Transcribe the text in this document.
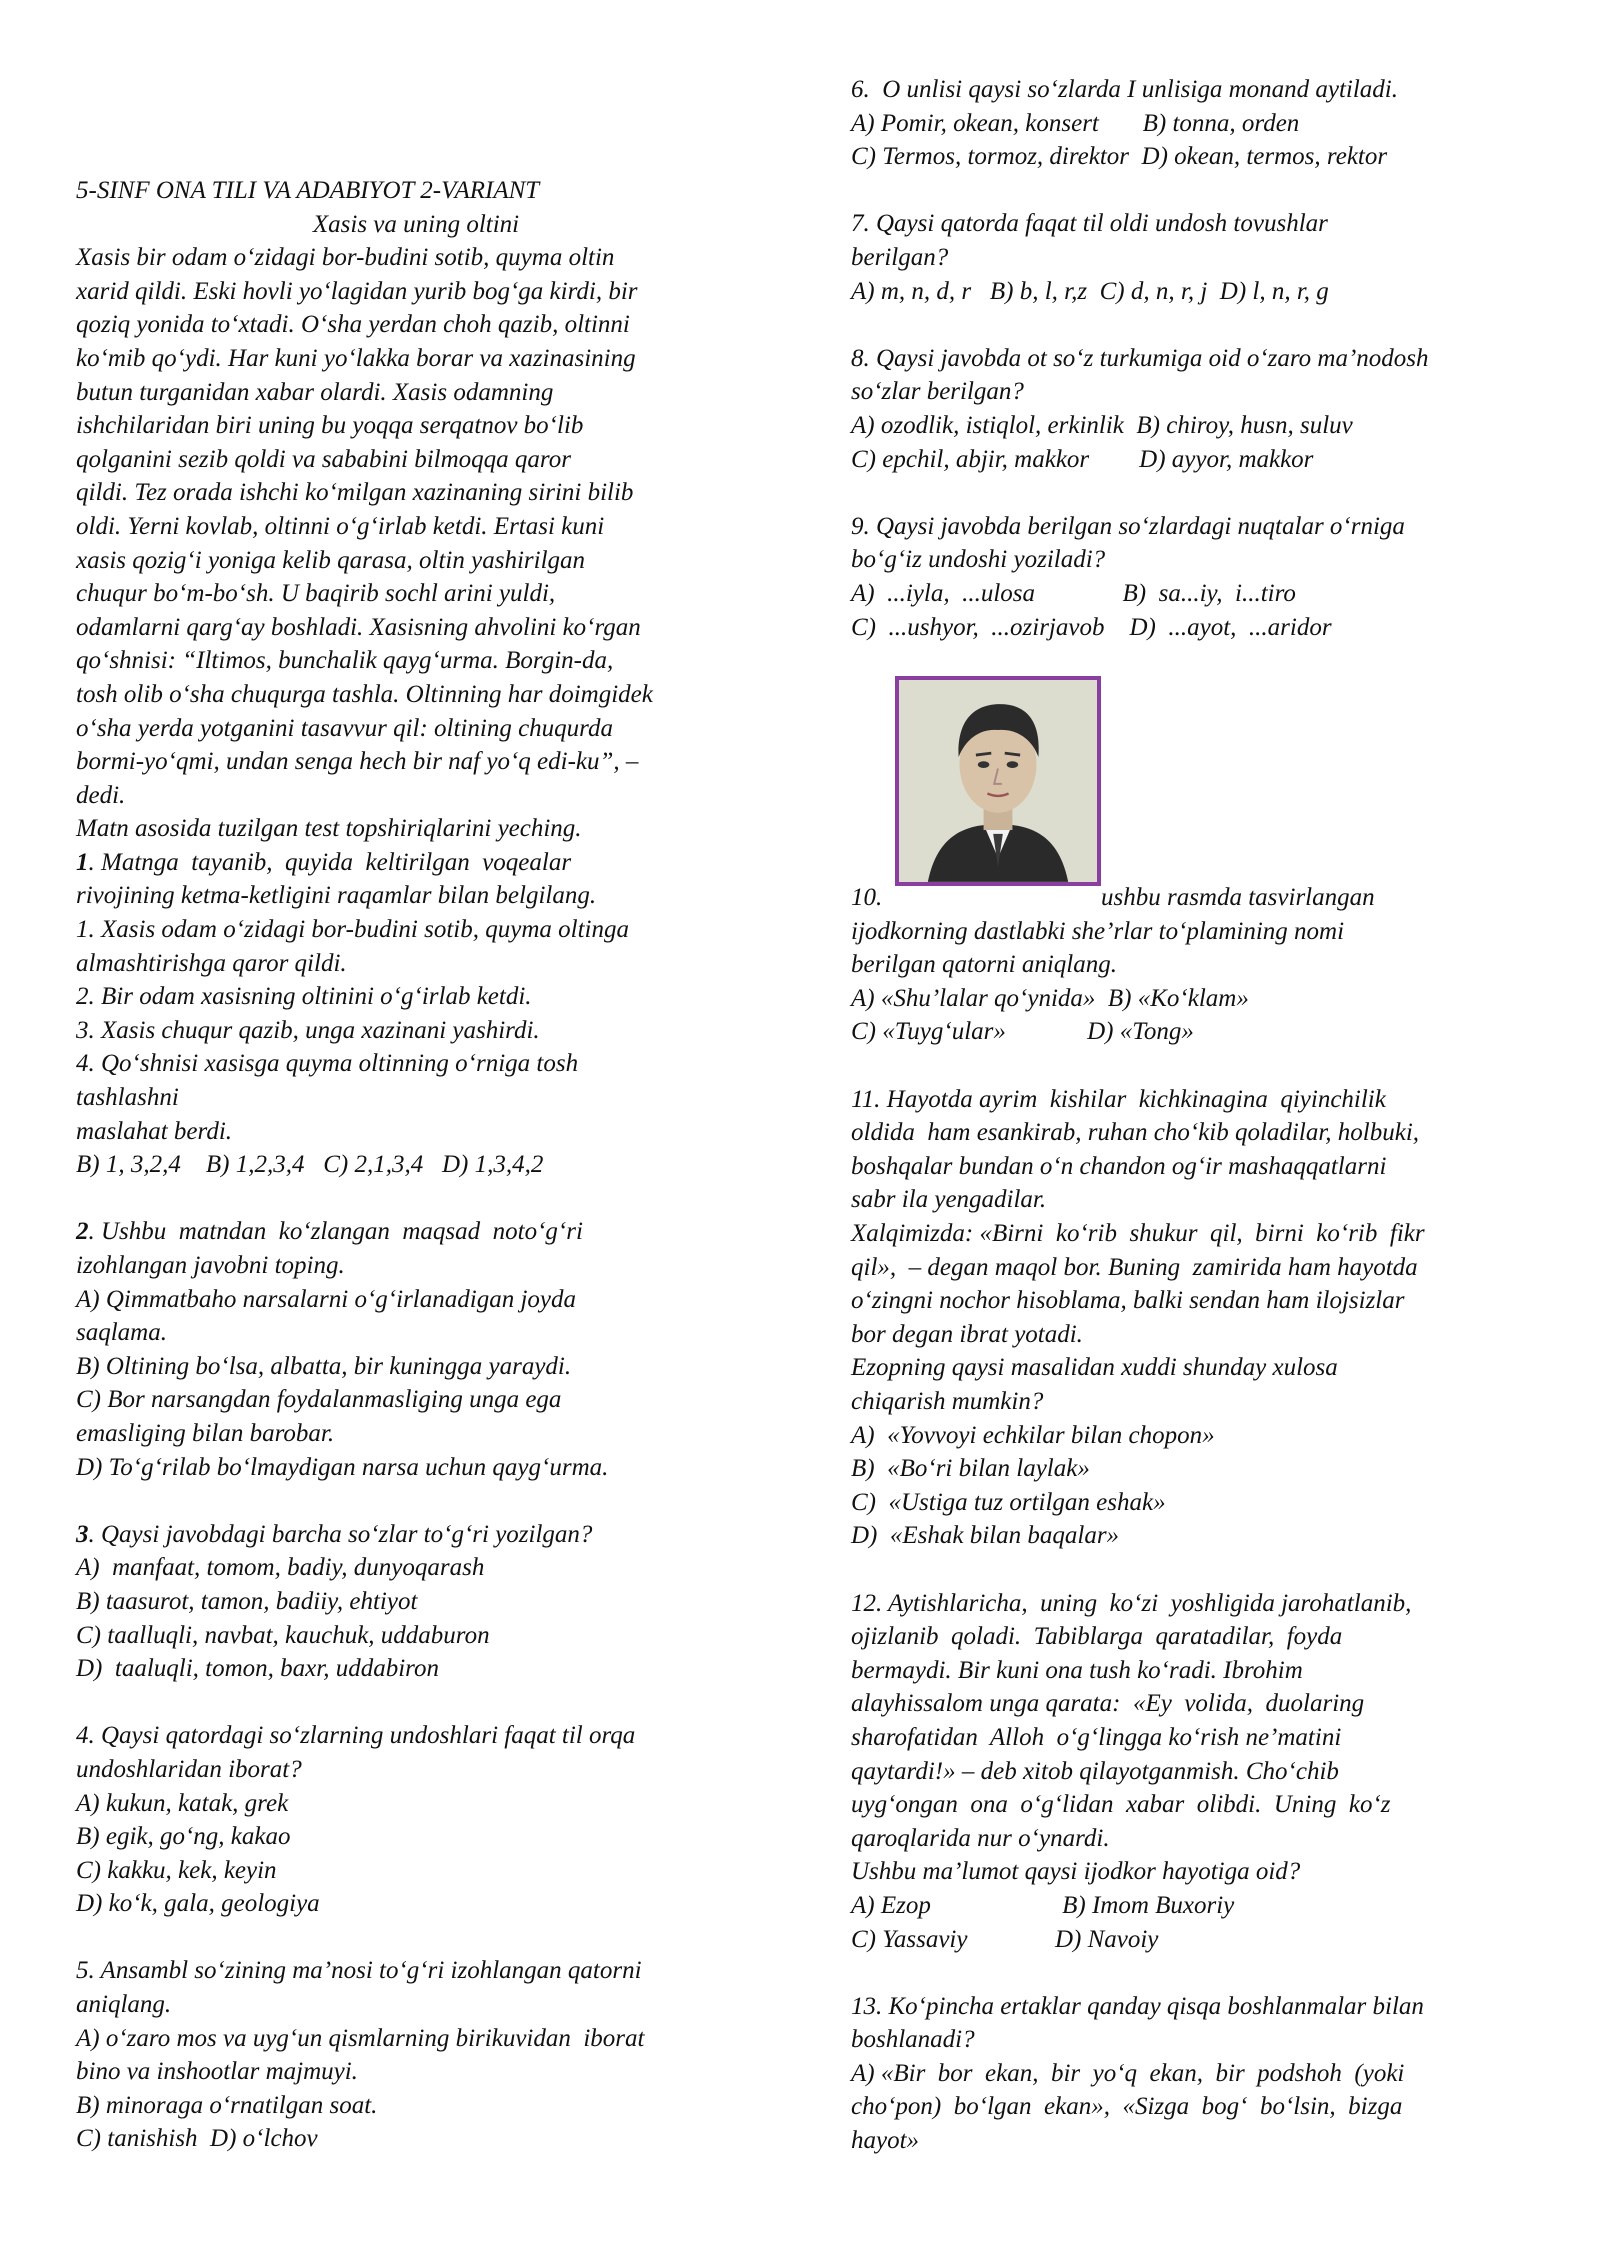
5-SINF ONA TILI VA ADABIYOT 2-VARIANT
Xasis va uning oltini
Xasis bir odam o‘zidagi bor-budini sotib, quyma oltin
xarid qildi. Eski hovli yo‘lagidan yurib bog‘ga kirdi, bir
qoziq yonida to‘xtadi. O‘sha yerdan choh qazib, oltinni
ko‘mib qo‘ydi. Har kuni yo‘lakka borar va xazinasining
butun turganidan xabar olardi. Xasis odamning
ishchilaridan biri uning bu yoqqa serqatnov bo‘lib
qolganini sezib qoldi va sababini bilmoqqa qaror
qildi. Tez orada ishchi ko‘milgan xazinaning sirini bilib
oldi. Yerni kovlab, oltinni o‘g‘irlab ketdi. Ertasi kuni
xasis qozig‘i yoniga kelib qarasa, oltin yashirilgan
chuqur bo‘m-bo‘sh. U baqirib sochl arini yuldi,
odamlarni qarg‘ay boshladi. Xasisning ahvolini ko‘rgan
qo‘shnisi: “Iltimos, bunchalik qayg‘urma. Borgin-da,
tosh olib o‘sha chuqurga tashla. Oltinning har doimgidek
o‘sha yerda yotganini tasavvur qil: oltining chuqurda
bormi-yo‘qmi, undan senga hech bir naf yo‘q edi-ku”, –
dedi.
Matn asosida tuzilgan test topshiriqlarini yeching.
1. Matnga  tayanib,  quyida  keltirilgan  voqealar
rivojining ketma-ketligini raqamlar bilan belgilang.
1. Xasis odam o‘zidagi bor-budini sotib, quyma oltinga
almashtirishga qaror qildi.
2. Bir odam xasisning oltinini o‘g‘irlab ketdi.
3. Xasis chuqur qazib, unga xazinani yashirdi.
4. Qo‘shnisi xasisga quyma oltinning o‘rniga tosh
tashlashni
maslahat berdi.
B) 1, 3,2,4    B) 1,2,3,4   C) 2,1,3,4   D) 1,3,4,2
2. Ushbu  matndan  ko‘zlangan  maqsad  noto‘g‘ri
izohlangan javobni toping.
A) Qimmatbaho narsalarni o‘g‘irlanadigan joyda
saqlama.
B) Oltining bo‘lsa, albatta, bir kuningga yaraydi.
C) Bor narsangdan foydalanmasliging unga ega
emasliging bilan barobar.
D) To‘g‘rilab bo‘lmaydigan narsa uchun qayg‘urma.
3. Qaysi javobdagi barcha so‘zlar to‘g‘ri yozilgan?
A)  manfaat, tomom, badiy, dunyoqarash
B) taasurot, tamon, badiiy, ehtiyot
C) taalluqli, navbat, kauchuk, uddaburon
D)  taaluqli, tomon, baxr, uddabiron
4. Qaysi qatordagi so‘zlarning undoshlari faqat til orqa
undoshlaridan iborat?
A) kukun, katak, grek
B) egik, go‘ng, kakao
C) kakku, kek, keyin
D) ko‘k, gala, geologiya
5. Ansambl so‘zining ma’nosi to‘g‘ri izohlangan qatorni
aniqlang.
A) o‘zaro mos va uyg‘un qismlarning birikuvidan  iborat
bino va inshootlar majmuyi.
B) minoraga o‘rnatilgan soat.
C) tanishish  D) o‘lchov
6.  O unlisi qaysi so‘zlarda I unlisiga monand aytiladi.
A) Pomir, okean, konsert       B) tonna, orden
C) Termos, tormoz, direktor  D) okean, termos, rektor
7. Qaysi qatorda faqat til oldi undosh tovushlar
berilgan?
A) m, n, d, r   B) b, l, r,z  C) d, n, r, j  D) l, n, r, g
8. Qaysi javobda ot so‘z turkumiga oid o‘zaro ma’nodosh
so‘zlar berilgan?
A) ozodlik, istiqlol, erkinlik  B) chiroy, husn, suluv
C) epchil, abjir, makkor        D) ayyor, makkor
9. Qaysi javobda berilgan so‘zlardagi nuqtalar o‘rniga
bo‘g‘iz undoshi yoziladi?
A)  ...iyla,  ...ulosa              B)  sa...iy,  i...tiro
C)  ...ushyor,  ...ozirjavob    D)  ...ayot,  ...aridor
10.	ushbu rasmda tasvirlangan
ijodkorning dastlabki she’rlar to‘plamining nomi
berilgan qatorni aniqlang.
A) «Shu’lalar qo‘ynida»  B) «Ko‘klam»
C) «Tuyg‘ular»             D) «Tong»
11. Hayotda ayrim  kishilar  kichkinagina  qiyinchilik
oldida  ham esankirab, ruhan cho‘kib qoladilar, holbuki,
boshqalar bundan o‘n chandon og‘ir mashaqqatlarni
sabr ila yengadilar.
Xalqimizda: «Birni  ko‘rib  shukur  qil,  birni  ko‘rib  fikr
qil»,  – degan maqol bor. Buning  zamirida ham hayotda
o‘zingni nochor hisoblama, balki sendan ham ilojsizlar
bor degan ibrat yotadi.
Ezopning qaysi masalidan xuddi shunday xulosa
chiqarish mumkin?
A)  «Yovvoyi echkilar bilan chopon»
B)  «Bo‘ri bilan laylak»
C)  «Ustiga tuz ortilgan eshak»
D)  «Eshak bilan baqalar»
12. Aytishlaricha,  uning  ko‘zi  yoshligida jarohatlanib,
ojizlanib  qoladi.  Tabiblarga  qaratadilar,  foyda
bermaydi. Bir kuni ona tush ko‘radi. Ibrohim
alayhissalom unga qarata:  «Ey  volida,  duolaring
sharofatidan  Alloh  o‘g‘lingga ko‘rish ne’matini
qaytardi!» – deb xitob qilayotganmish. Cho‘chib
uyg‘ongan  ona  o‘g‘lidan  xabar  olibdi.  Uning  ko‘z
qaroqlarida nur o‘ynardi.
Ushbu ma’lumot qaysi ijodkor hayotiga oid?
A) Ezop                     B) Imom Buxoriy
C) Yassaviy              D) Navoiy
13. Ko‘pincha ertaklar qanday qisqa boshlanmalar bilan
boshlanadi?
A) «Bir  bor  ekan,  bir  yo‘q  ekan,  bir  podshoh  (yoki
cho‘pon)  bo‘lgan  ekan»,  «Sizga  bog‘  bo‘lsin,  bizga
hayot»
